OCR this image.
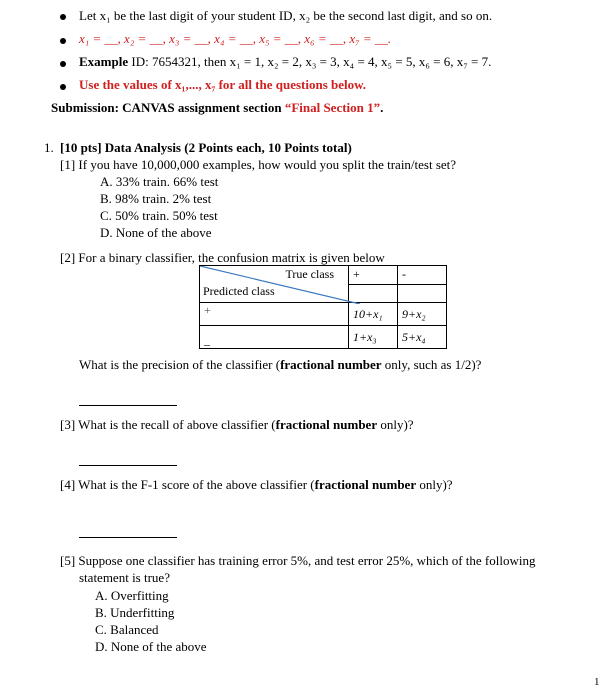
Let x₁ be the last digit of your student ID, x₂ be the second last digit, and so on.
x₁ = __, x₂ = __, x₃ = __, x₄ = __, x₅ = __, x₆ = __, x₇ = __.
Example ID: 7654321, then x₁ = 1, x₂ = 2, x₃ = 3, x₄ = 4, x₅ = 5, x₆ = 6, x₇ = 7.
Use the values of x₁,..., x₇ for all the questions below.
Submission: CANVAS assignment section “Final Section 1”.
1. [10 pts] Data Analysis (2 Points each, 10 Points total)
[1] If you have 10,000,000 examples, how would you split the train/test set?
A. 33% train. 66% test
B. 98% train. 2% test
C. 50% train. 50% test
D. None of the above
[2] For a binary classifier, the confusion matrix is given below
True class
Predicted class	+	-

+	10+x₁	9+x₂
_	1+x₃	5+x₄
What is the precision of the classifier (fractional number only, such as 1/2)?
[3] What is the recall of above classifier (fractional number only)?
[4] What is the F-1 score of the above classifier (fractional number only)?
[5] Suppose one classifier has training error 5%, and test error 25%, which of the following
statement is true?
A. Overfitting
B. Underfitting
C. Balanced
D. None of the above
1
